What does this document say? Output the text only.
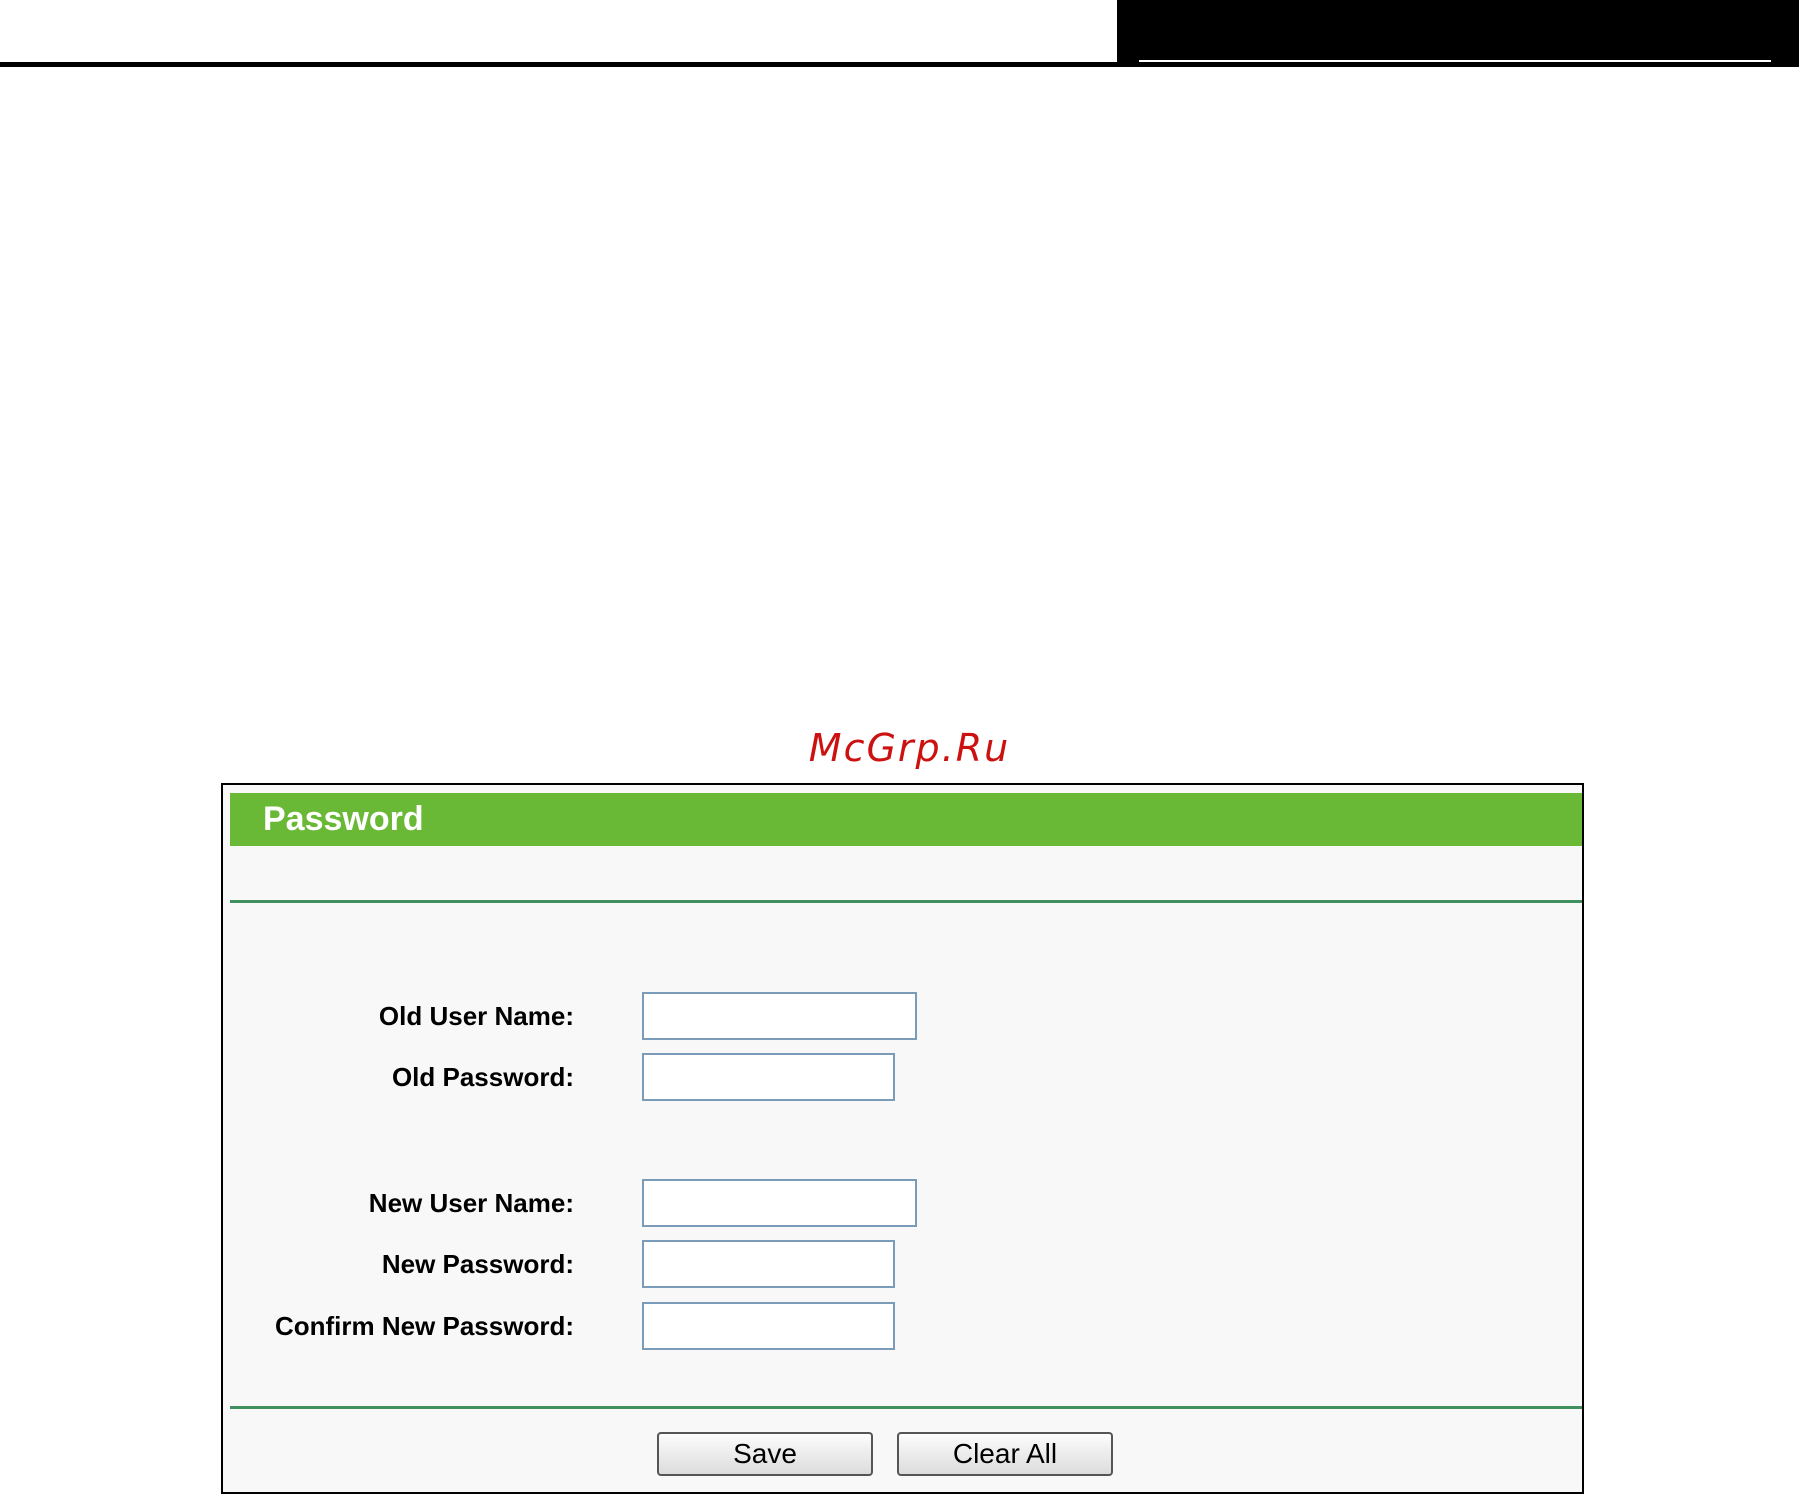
McGrp.Ru
Password
Old User Name:
Old Password:
New User Name:
New Password:
Confirm New Password:
Save	Clear All
